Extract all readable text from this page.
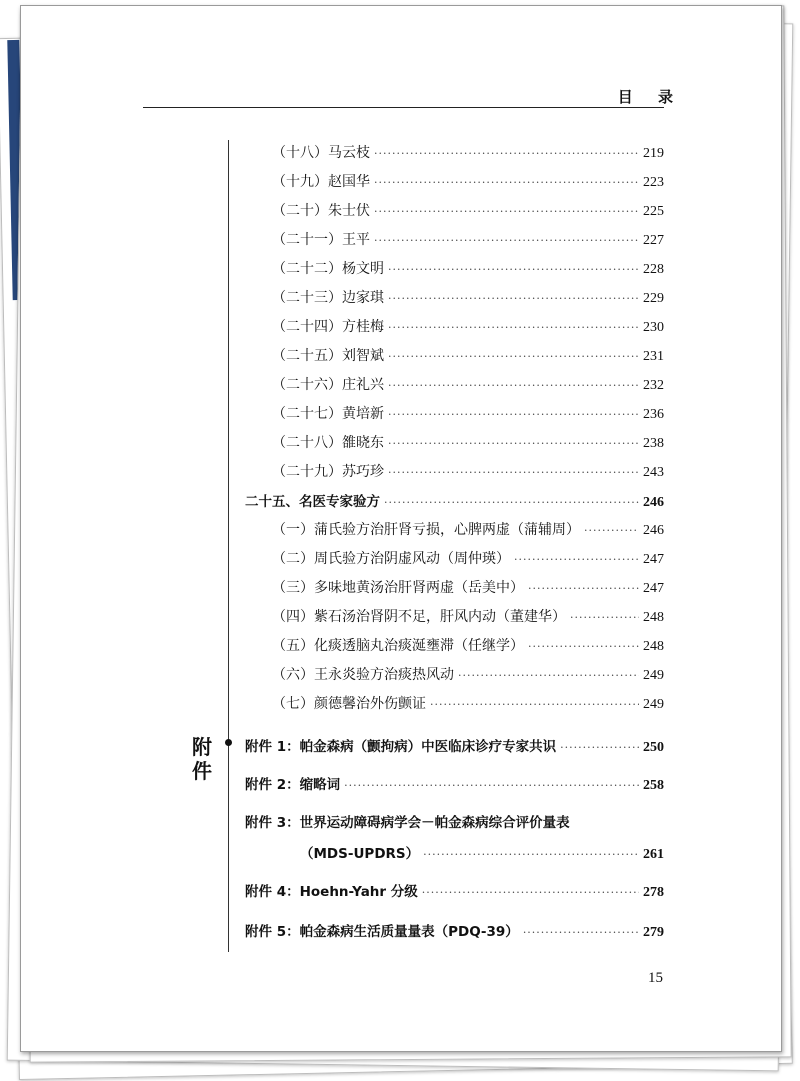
目 录
附件
（十八）马云枝 ·····	219
（十九）赵国华 ·····	223
（二十）朱士伏 ·····	225
（二十一）王平 ·····	227
（二十二）杨文明 ·····	228
（二十三）边家琪 ·····	229
（二十四）方桂梅 ·····	230
（二十五）刘智斌 ·····	231
（二十六）庄礼兴 ·····	232
（二十七）黄培新 ·····	236
（二十八）雒晓东 ·····	238
（二十九）苏巧珍 ·····	243
二十五、名医专家验方 ·····	246
（一）蒲氏验方治肝肾亏损，心脾两虚（蒲辅周） ·····	246
（二）周氏验方治阴虚风动（周仲瑛） ·····	247
（三）多味地黄汤治肝肾两虚（岳美中） ·····	247
（四）紫石汤治肾阴不足，肝风内动（董建华） ·····	248
（五）化痰透脑丸治痰涎壅滞（任继学） ·····	248
（六）王永炎验方治痰热风动 ·····	249
（七）颜德馨治外伤颤证 ·····	249
附件 1：帕金森病（颤拘病）中医临床诊疗专家共识 ·····	250
附件 2：缩略词 ·····	258
附件 3：世界运动障碍病学会－帕金森病综合评价量表
（MDS-UPDRS） ·····	261
附件 4：Hoehn-Yahr 分级 ·····	278
附件 5：帕金森病生活质量量表（PDQ-39） ·····	279
15
